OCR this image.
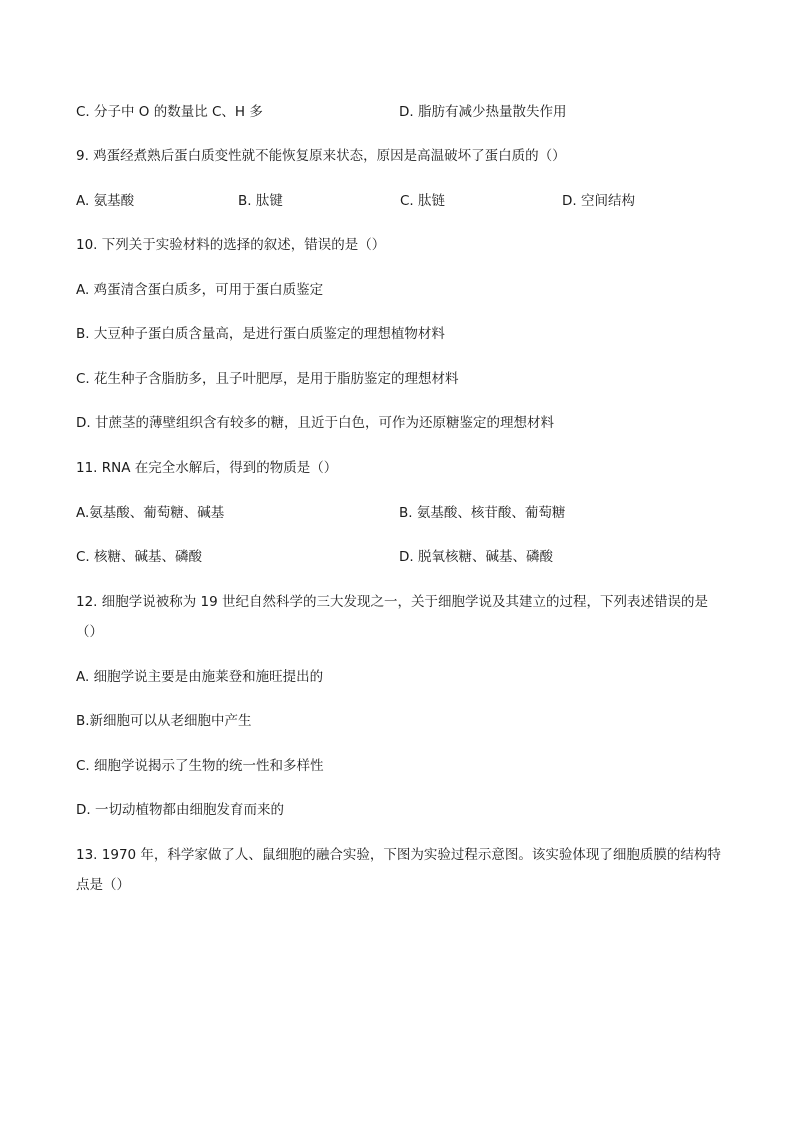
C. 分子中 O 的数量比 C、H 多	D. 脂肪有减少热量散失作用
9. 鸡蛋经煮熟后蛋白质变性就不能恢复原来状态，原因是高温破坏了蛋白质的（）
A. 氨基酸	B. 肽键	C. 肽链	D. 空间结构
10. 下列关于实验材料的选择的叙述，错误的是（）
A. 鸡蛋清含蛋白质多，可用于蛋白质鉴定
B. 大豆种子蛋白质含量高，是进行蛋白质鉴定的理想植物材料
C. 花生种子含脂肪多，且子叶肥厚，是用于脂肪鉴定的理想材料
D. 甘蔗茎的薄壁组织含有较多的糖，且近于白色，可作为还原糖鉴定的理想材料
11. RNA 在完全水解后，得到的物质是（）
A.氨基酸、葡萄糖、碱基	B. 氨基酸、核苷酸、葡萄糖
C. 核糖、碱基、磷酸	D. 脱氧核糖、碱基、磷酸
12. 细胞学说被称为 19 世纪自然科学的三大发现之一，关于细胞学说及其建立的过程，下列表述错误的是（）
A. 细胞学说主要是由施莱登和施旺提出的
B.新细胞可以从老细胞中产生
C. 细胞学说揭示了生物的统一性和多样性
D. 一切动植物都由细胞发育而来的
13. 1970 年，科学家做了人、鼠细胞的融合实验，下图为实验过程示意图。该实验体现了细胞质膜的结构特点是（）
